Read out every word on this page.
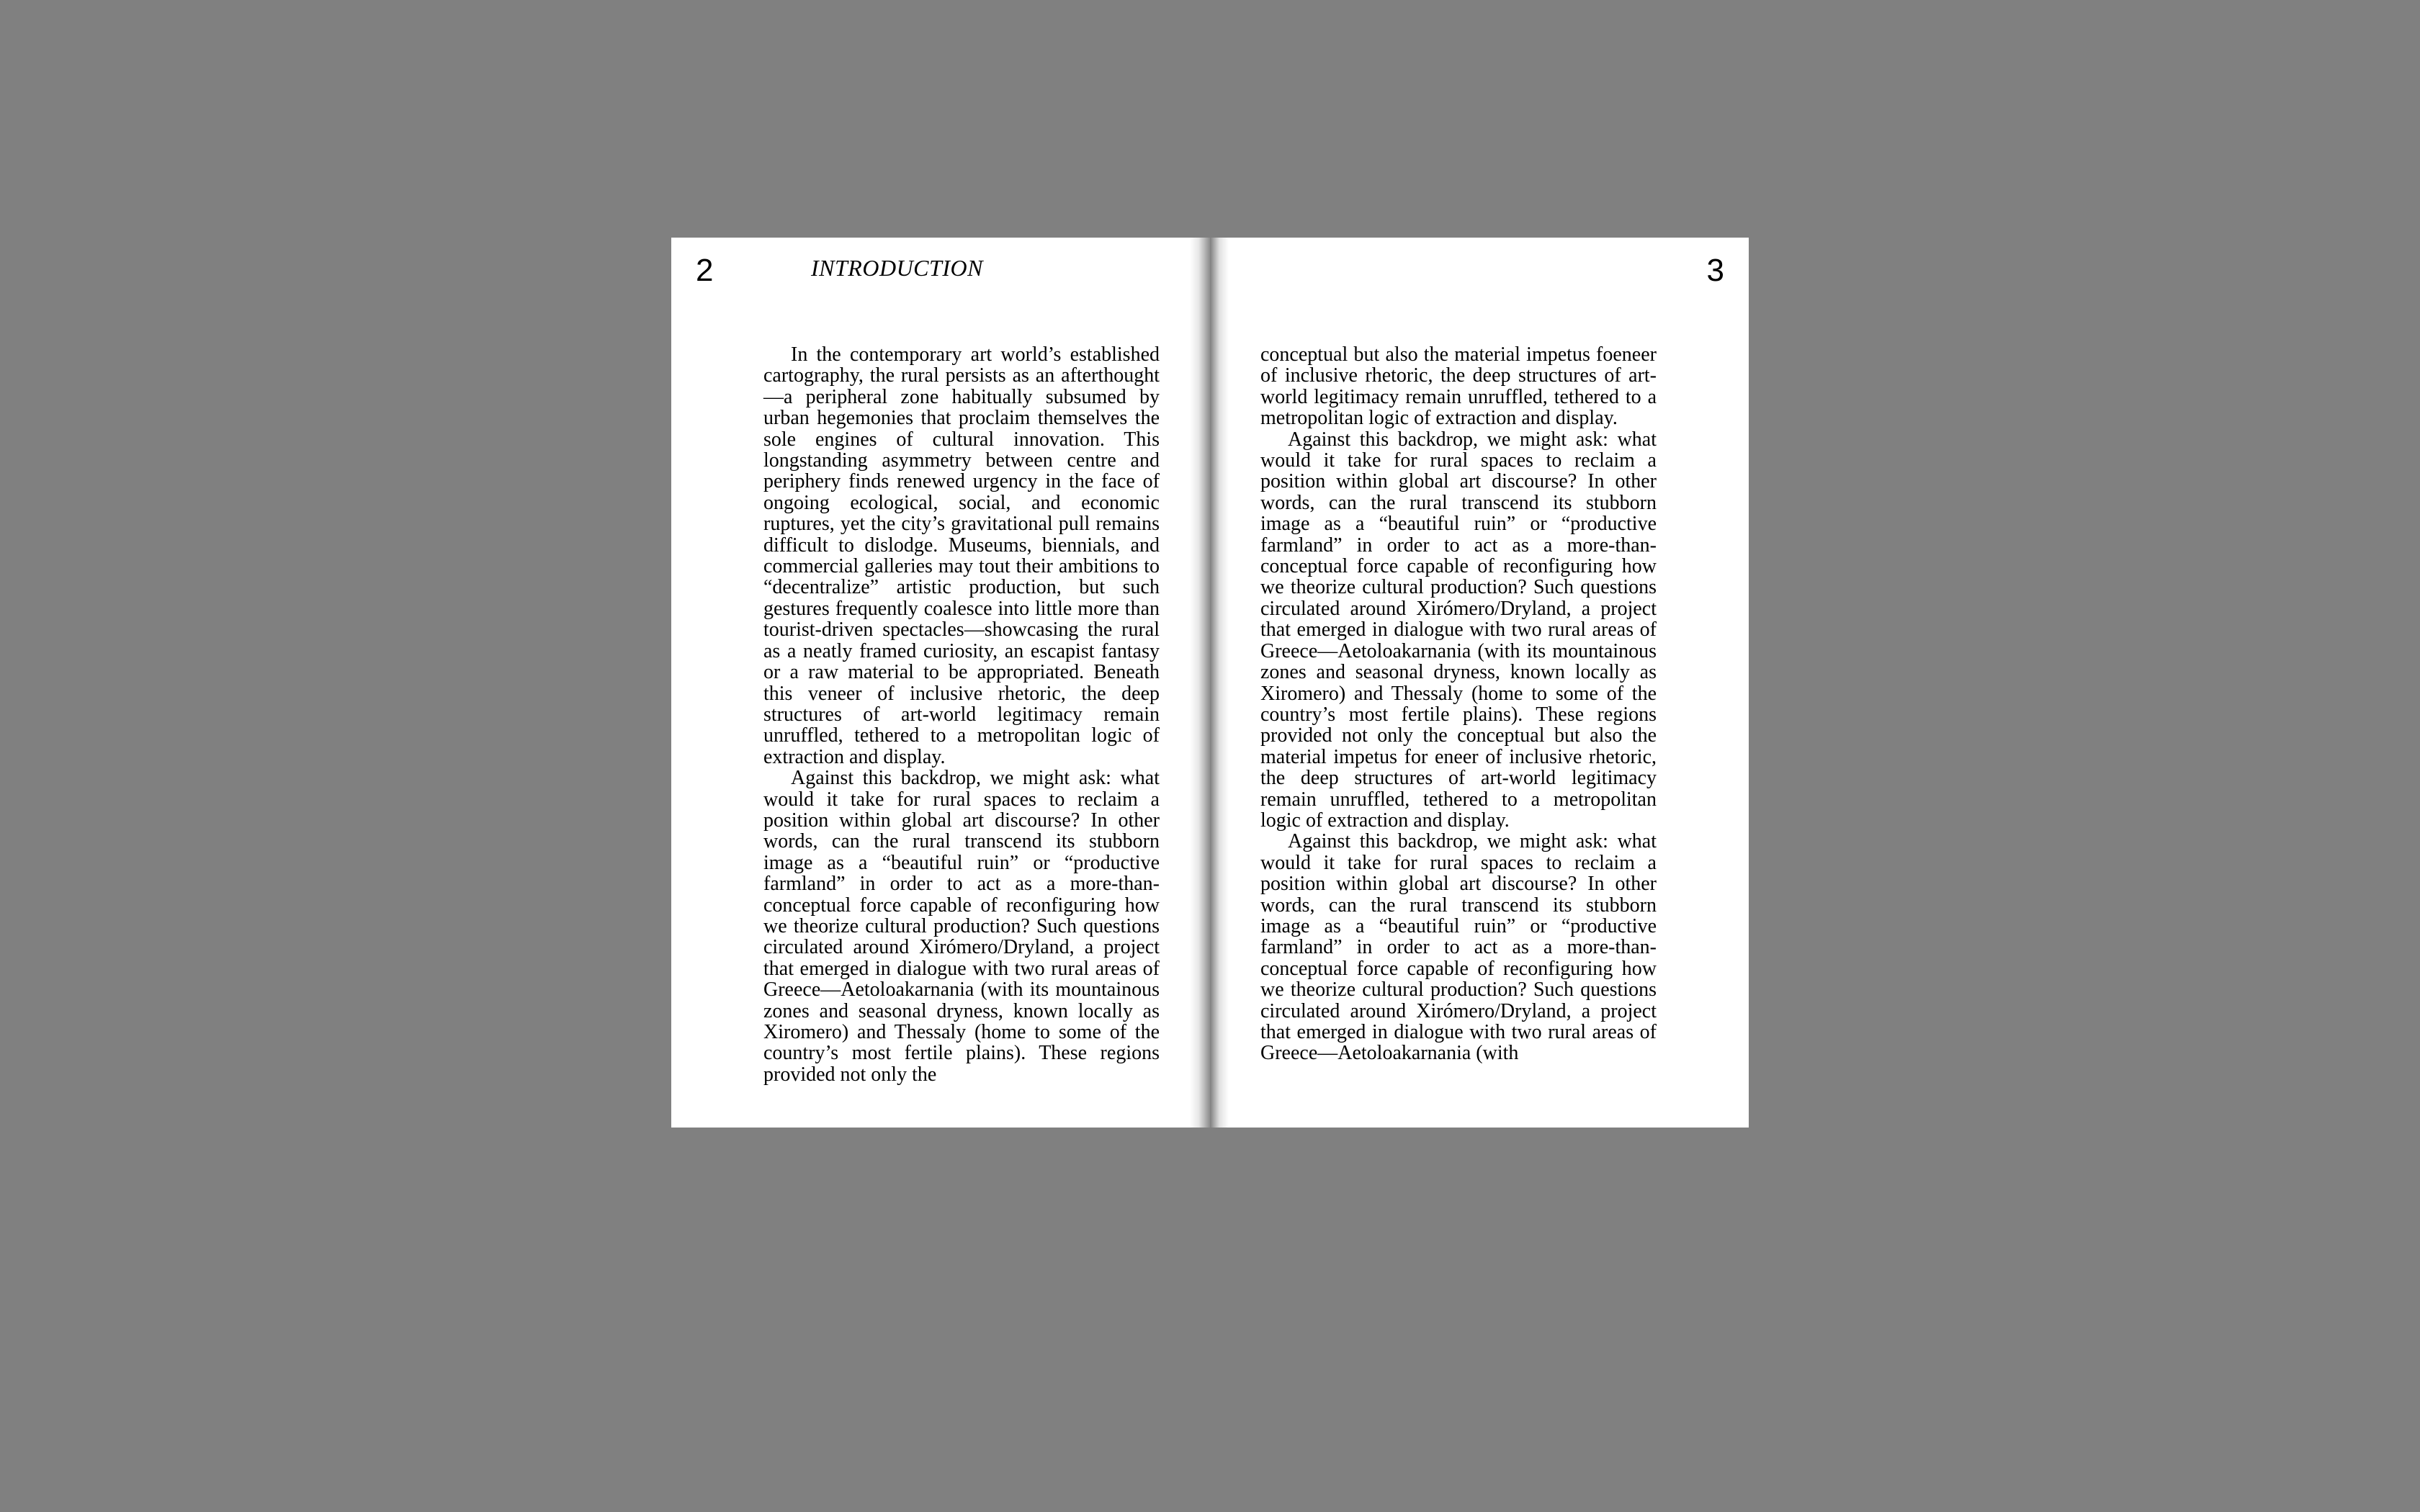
2	INTRODUCTION

In the contemporary art world’s established cartography, the rural persists as an afterthought—a peripheral zone habitually subsumed by urban hegemonies that proclaim themselves the sole engines of cultural innovation. This longstanding asymmetry between centre and periphery finds renewed urgency in the face of ongoing ecological, social, and economic ruptures, yet the city’s gravitational pull remains difficult to dislodge. Museums, biennials, and commercial galleries may tout their ambitions to “decentralize” artistic production, but such gestures frequently coalesce into little more than tourist-driven spectacles—showcasing the rural as a neatly framed curiosity, an escapist fantasy or a raw material to be appropriated. Beneath this veneer of inclusive rhetoric, the deep structures of art-world legitimacy remain unruffled, tethered to a metropolitan logic of extraction and display.

Against this backdrop, we might ask: what would it take for rural spaces to reclaim a position within global art discourse? In other words, can the rural transcend its stubborn image as a “beautiful ruin” or “productive farmland” in order to act as a more-than-conceptual force capable of reconfiguring how we theorize cultural production? Such questions circulated around Xirómero/Dryland, a project that emerged in dialogue with two rural areas of Greece—Aetoloakarnania (with its mountainous zones and seasonal dryness, known locally as Xiromero) and Thessaly (home to some of the country’s most fertile plains). These regions provided not only the

3

conceptual but also the material impetus foeneer of inclusive rhetoric, the deep structures of art-world legitimacy remain unruffled, tethered to a metropolitan logic of extraction and display.

Against this backdrop, we might ask: what would it take for rural spaces to reclaim a position within global art discourse? In other words, can the rural transcend its stubborn image as a “beautiful ruin” or “productive farmland” in order to act as a more-than-conceptual force capable of reconfiguring how we theorize cultural production? Such questions circulated around Xirómero/Dryland, a project that emerged in dialogue with two rural areas of Greece—Aetoloakarnania (with its mountainous zones and seasonal dryness, known locally as Xiromero) and Thessaly (home to some of the country’s most fertile plains). These regions provided not only the conceptual but also the material impetus for eneer of inclusive rhetoric, the deep structures of art-world legitimacy remain unruffled, tethered to a metropolitan logic of extraction and display.

Against this backdrop, we might ask: what would it take for rural spaces to reclaim a position within global art discourse? In other words, can the rural transcend its stubborn image as a “beautiful ruin” or “productive farmland” in order to act as a more-than-conceptual force capable of reconfiguring how we theorize cultural production? Such questions circulated around Xirómero/Dryland, a project that emerged in dialogue with two rural areas of Greece—Aetoloakarnania (with
